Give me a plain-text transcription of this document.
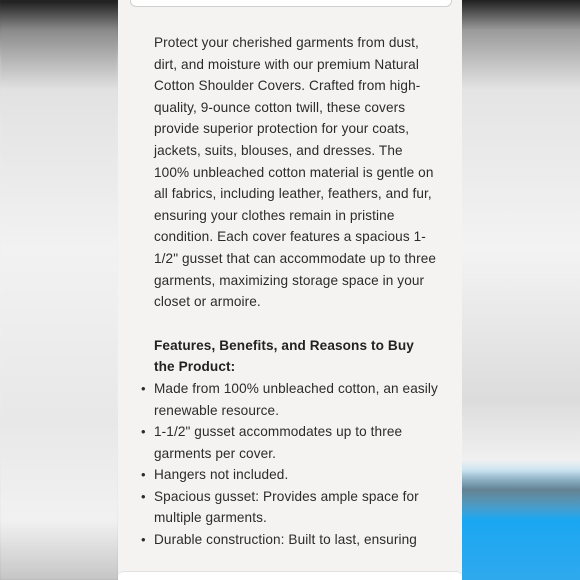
Protect your cherished garments from dust, dirt, and moisture with our premium Natural Cotton Shoulder Covers. Crafted from high-quality, 9-ounce cotton twill, these covers provide superior protection for your coats, jackets, suits, blouses, and dresses. The 100% unbleached cotton material is gentle on all fabrics, including leather, feathers, and fur, ensuring your clothes remain in pristine condition. Each cover features a spacious 1-1/2" gusset that can accommodate up to three garments, maximizing storage space in your closet or armoire.

Features, Benefits, and Reasons to Buy the Product:

• Made from 100% unbleached cotton, an easily renewable resource.
• 1-1/2" gusset accommodates up to three garments per cover.
• Hangers not included.
• Spacious gusset: Provides ample space for multiple garments.
• Durable construction: Built to last, ensuring
